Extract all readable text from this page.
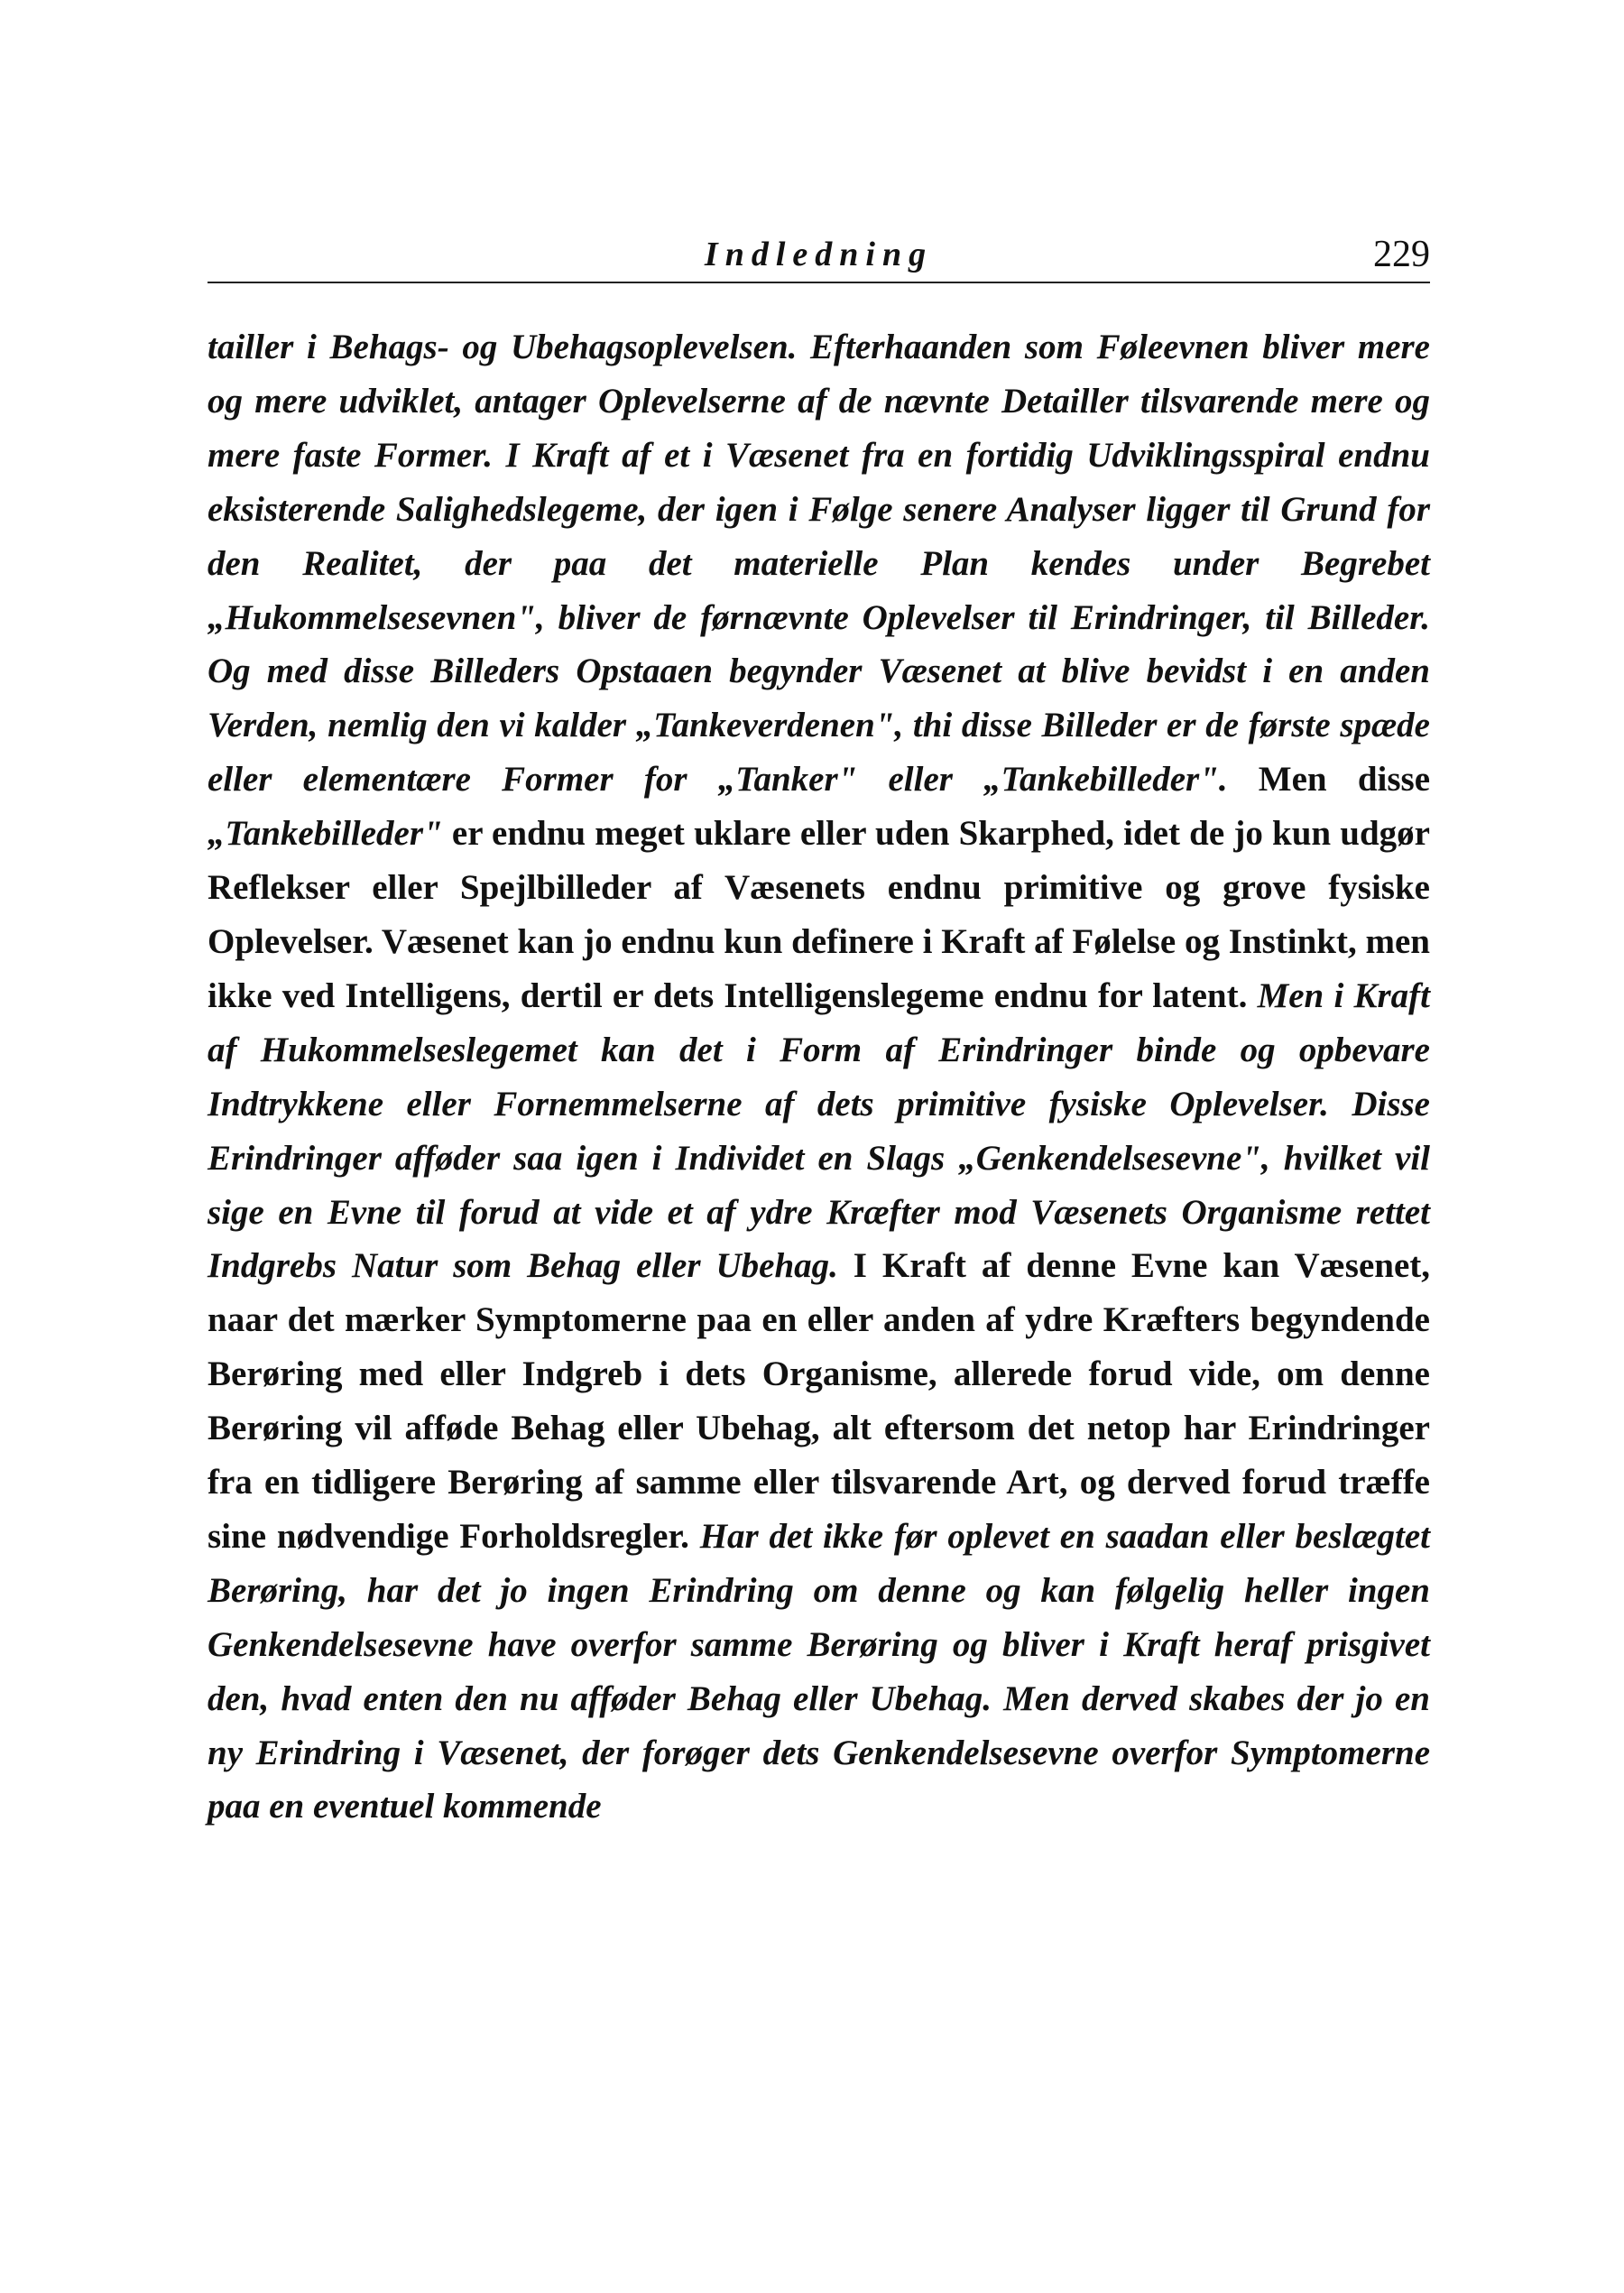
Indledning	229
tailler i Behags- og Ubehagsoplevelsen. Efterhaanden som Føleevnen bliver mere og mere udviklet, antager Oplevelserne af de nævnte Detailler tilsvarende mere og mere faste Former. I Kraft af et i Væsenet fra en fortidig Udviklingsspiral endnu eksisterende Salighedslegeme, der igen i Følge senere Analyser ligger til Grund for den Realitet, der paa det materielle Plan kendes under Begrebet „Hukommelsesevnen", bliver de førnævnte Oplevelser til Erindringer, til Billeder. Og med disse Billeders Opstaaen begynder Væsenet at blive bevidst i en anden Verden, nemlig den vi kalder „Tankeverdenen", thi disse Billeder er de første spæde eller elementære Former for „Tanker" eller „Tankebilleder". Men disse „Tankebilleder" er endnu meget uklare eller uden Skarphed, idet de jo kun udgør Reflekser eller Spejlbilleder af Væsenets endnu primitive og grove fysiske Oplevelser. Væsenet kan jo endnu kun definere i Kraft af Følelse og Instinkt, men ikke ved Intelligens, dertil er dets Intelligenslegeme endnu for latent. Men i Kraft af Hukommelseslegemet kan det i Form af Erindringer binde og opbevare Indtrykkene eller Fornemmelserne af dets primitive fysiske Oplevelser. Disse Erindringer afføder saa igen i Individet en Slags „Genkendelsesevne", hvilket vil sige en Evne til forud at vide et af ydre Kræfter mod Væsenets Organisme rettet Indgrebs Natur som Behag eller Ubehag. I Kraft af denne Evne kan Væsenet, naar det mærker Symptomerne paa en eller anden af ydre Kræfters begyndende Berøring med eller Indgreb i dets Organisme, allerede forud vide, om denne Berøring vil afføde Behag eller Ubehag, alt eftersom det netop har Erindringer fra en tidligere Berøring af samme eller tilsvarende Art, og derved forud træffe sine nødvendige Forholdsregler. Har det ikke før oplevet en saadan eller beslægtet Berøring, har det jo ingen Erindring om denne og kan følgelig heller ingen Genkendelsesevne have overfor samme Berøring og bliver i Kraft heraf prisgivet den, hvad enten den nu afføder Behag eller Ubehag. Men derved skabes der jo en ny Erindring i Væsenet, der forøger dets Genkendelsesevne overfor Symptomerne paa en eventuel kommende
